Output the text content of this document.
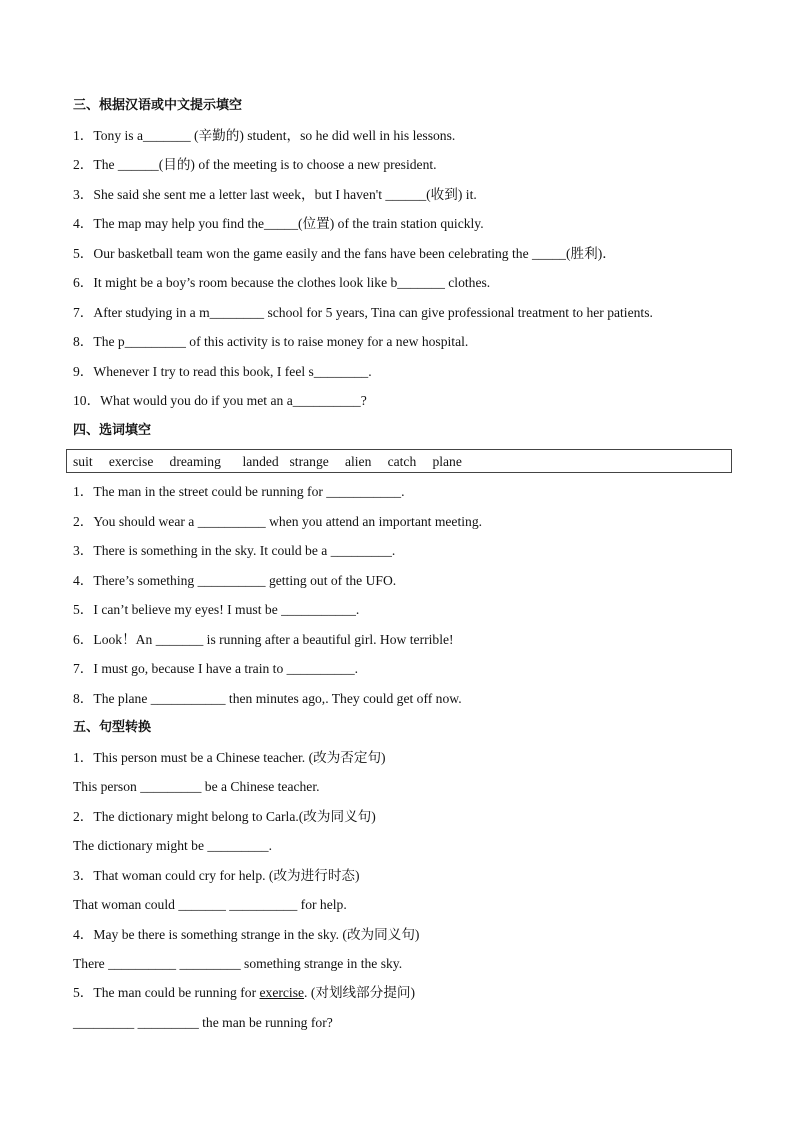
三、根据汉语或中文提示填空
1．Tony is a_______ (辛勤的) student，so he did well in his lessons.
2．The ______(目的) of the meeting is to choose a new president.
3．She said she sent me a letter last week，but I haven't ______(收到) it.
4．The map may help you find the_____(位置) of the train station quickly.
5．Our basketball team won the game easily and the fans have been celebrating the _____(胜利)．
6．It might be a boy’s room because the clothes look like b_______ clothes.
7．After studying in a m________ school for 5 years, Tina can give professional treatment to her patients.
8．The p_________ of this activity is to raise money for a new hospital.
9．Whenever I try to read this book, I feel s________.
10．What would you do if you met an a__________?
四、选词填空
suit   exercise   dreaming    landed  strange   alien   catch   plane
1．The man in the street could be running for ___________.
2．You should wear a __________ when you attend an important meeting.
3．There is something in the sky. It could be a _________.
4．There’s something __________ getting out of the UFO.
5．I can’t believe my eyes! I must be ___________.
6．Look！An _______ is running after a beautiful girl. How terrible!
7．I must go, because I have a train to __________.
8．The plane ___________ then minutes ago,. They could get off now.
五、句型转换
1．This person must be a Chinese teacher. (改为否定句)
This person _________ be a Chinese teacher.
2．The dictionary might belong to Carla.(改为同义句)
The dictionary might be _________.
3．That woman could cry for help. (改为进行时态)
That woman could _______ __________ for help.
4．May be there is something strange in the sky. (改为同义句)
There __________ _________ something strange in the sky.
5．The man could be running for exercise. (对划线部分提问)
_________ _________ the man be running for?
